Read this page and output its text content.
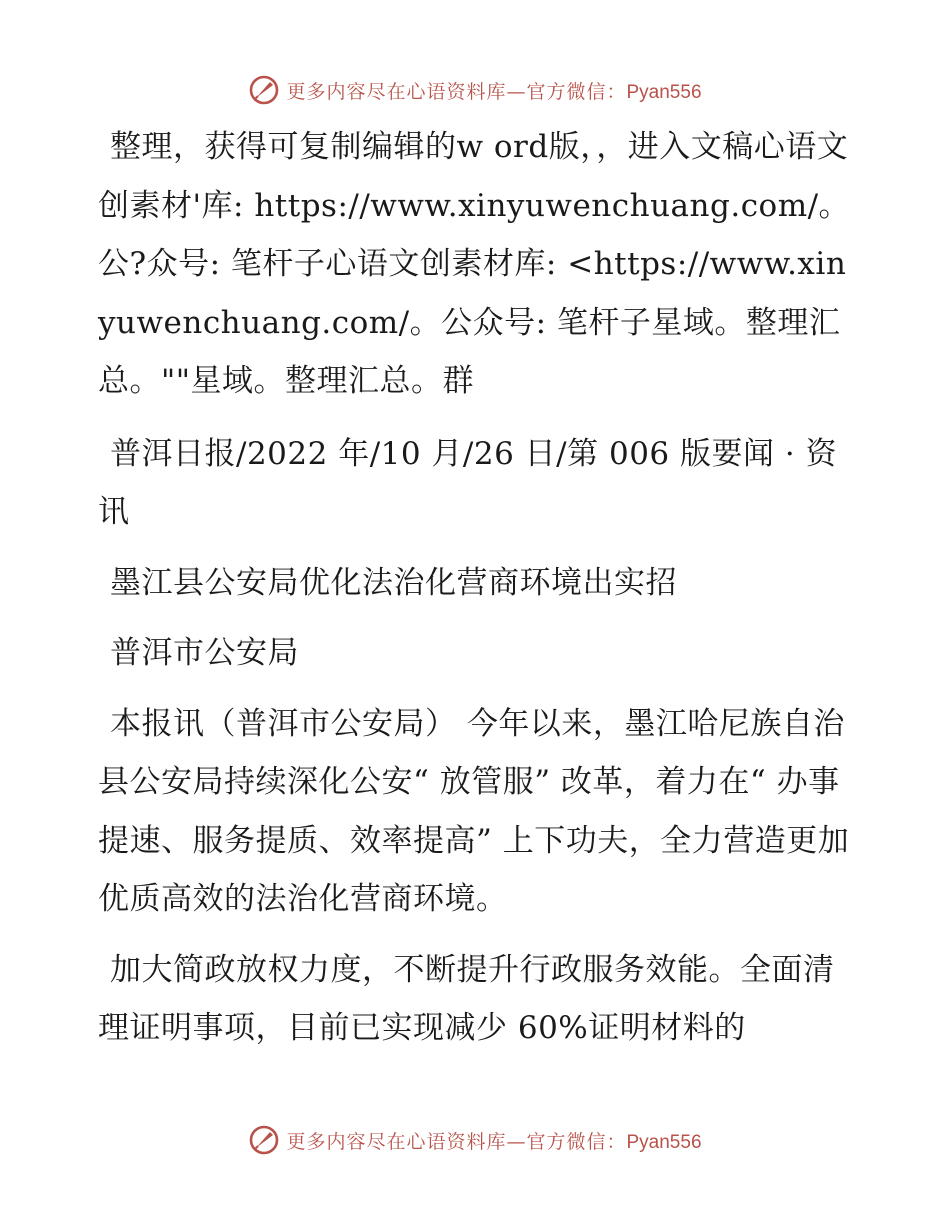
更多内容尽在心语资料库—官方微信：Pyan556

整理，获得可复制编辑的w ord版，，进入文稿心语文创素材'库: https://www.xinyuwenchuang.com/。公?众号: 笔杆子心语文创素材库: <https://www.xinyuwenchuang.com/。公众号: 笔杆子星域。整理汇总。""星域。整理汇总。群

普洱日报/2022 年/10 月/26 日/第 006 版要闻 · 资讯

墨江县公安局优化法治化营商环境出实招

普洱市公安局

本报讯（普洱市公安局） 今年以来，墨江哈尼族自治县公安局持续深化公安“ 放管服” 改革，着力在“ 办事提速、服务提质、效率提高” 上下功夫，全力营造更加优质高效的法治化营商环境。

加大简政放权力度，不断提升行政服务效能。全面清理证明事项，目前已实现减少 60%证明材料的

更多内容尽在心语资料库—官方微信：Pyan556
